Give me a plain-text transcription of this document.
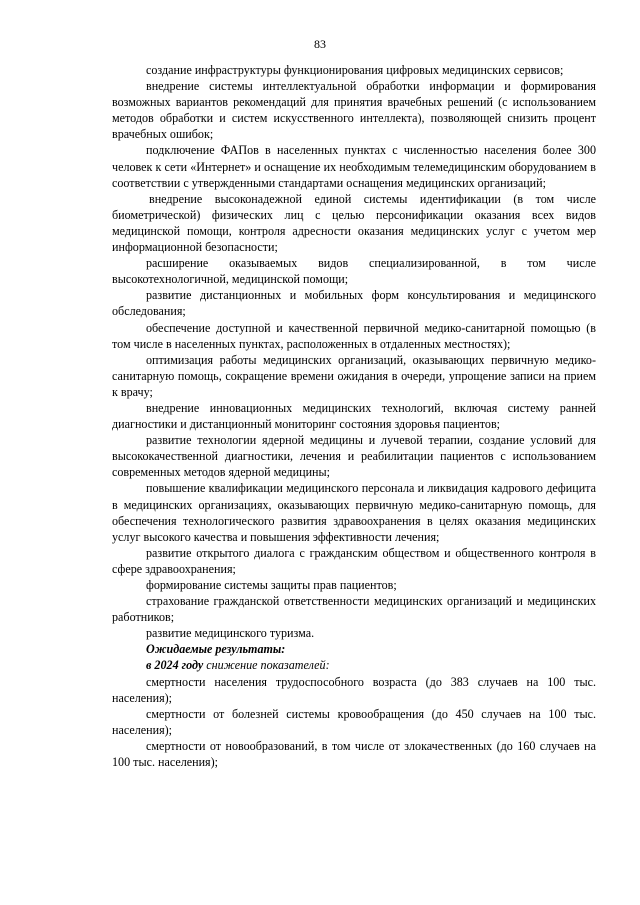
83

создание инфраструктуры функционирования цифровых медицинских сервисов;

внедрение системы интеллектуальной обработки информации и формирования возможных вариантов рекомендаций для принятия врачебных решений (с использованием методов обработки и систем искусственного интеллекта), позволяющей снизить процент врачебных ошибок;

подключение ФАПов в населенных пунктах с численностью населения более 300 человек к сети «Интернет» и оснащение их необходимым телемедицинским оборудованием в соответствии с утвержденными стандартами оснащения медицинских организаций;

внедрение высоконадежной единой системы идентификации (в том числе биометрической) физических лиц с целью персонификации оказания всех видов медицинской помощи, контроля адресности оказания медицинских услуг с учетом мер информационной безопасности;

расширение оказываемых видов специализированной, в том числе высокотехнологичной, медицинской помощи;

развитие дистанционных и мобильных форм консультирования и медицинского обследования;

обеспечение доступной и качественной первичной медико-санитарной помощью (в том числе в населенных пунктах, расположенных в отдаленных местностях);

оптимизация работы медицинских организаций, оказывающих первичную медико-санитарную помощь, сокращение времени ожидания в очереди, упрощение записи на прием к врачу;

внедрение инновационных медицинских технологий, включая систему ранней диагностики и дистанционный мониторинг состояния здоровья пациентов;

развитие технологии ядерной медицины и лучевой терапии, создание условий для высококачественной диагностики, лечения и реабилитации пациентов с использованием современных методов ядерной медицины;

повышение квалификации медицинского персонала и ликвидация кадрового дефицита в медицинских организациях, оказывающих первичную медико-санитарную помощь, для обеспечения технологического развития здравоохранения в целях оказания медицинских услуг высокого качества и повышения эффективности лечения;

развитие открытого диалога с гражданским обществом и общественного контроля в сфере здравоохранения;

формирование системы защиты прав пациентов;

страхование гражданской ответственности медицинских организаций и медицинских работников;

развитие медицинского туризма.

Ожидаемые результаты:

в 2024 году снижение показателей:

смертности населения трудоспособного возраста (до 383 случаев на 100 тыс. населения);

смертности от болезней системы кровообращения (до 450 случаев на 100 тыс. населения);

смертности от новообразований, в том числе от злокачественных (до 160 случаев на 100 тыс. населения);
